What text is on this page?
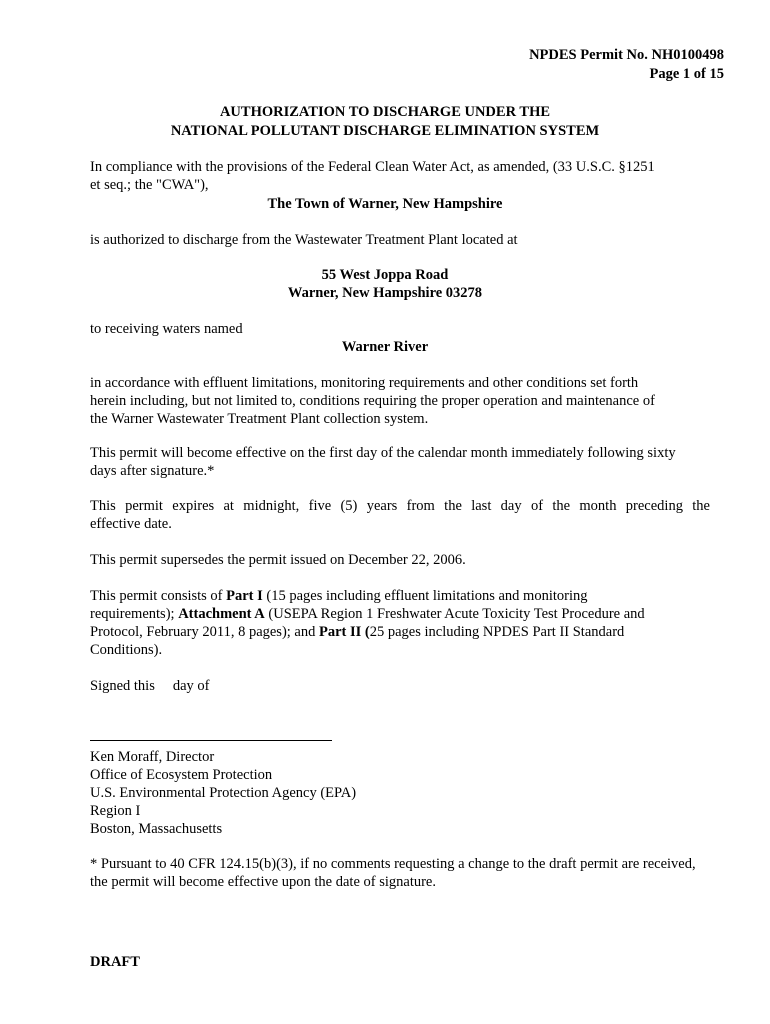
NPDES Permit No. NH0100498
Page 1 of 15
AUTHORIZATION TO DISCHARGE UNDER THE
NATIONAL POLLUTANT DISCHARGE ELIMINATION SYSTEM
In compliance with the provisions of the Federal Clean Water Act, as amended, (33 U.S.C. §1251
et seq.; the "CWA"),
The Town of Warner, New Hampshire
is authorized to discharge from the Wastewater Treatment Plant located at
55 West Joppa Road
Warner, New Hampshire 03278
to receiving waters named
Warner River
in accordance with effluent limitations, monitoring requirements and other conditions set forth
herein including, but not limited to, conditions requiring the proper operation and maintenance of
the Warner Wastewater Treatment Plant collection system.
This permit will become effective on the first day of the calendar month immediately following sixty
days after signature.*
This permit expires at midnight, five (5) years from the last day of the month preceding the
effective date.
This permit supersedes the permit issued on December 22, 2006.
This permit consists of Part I (15 pages including effluent limitations and monitoring
requirements); Attachment A (USEPA Region 1 Freshwater Acute Toxicity Test Procedure and
Protocol, February 2011, 8 pages); and Part II (25 pages including NPDES Part II Standard
Conditions).
Signed this day of
Ken Moraff, Director
Office of Ecosystem Protection
U.S. Environmental Protection Agency (EPA)
Region I
Boston, Massachusetts
* Pursuant to 40 CFR 124.15(b)(3), if no comments requesting a change to the draft permit are received,
the permit will become effective upon the date of signature.
DRAFT
